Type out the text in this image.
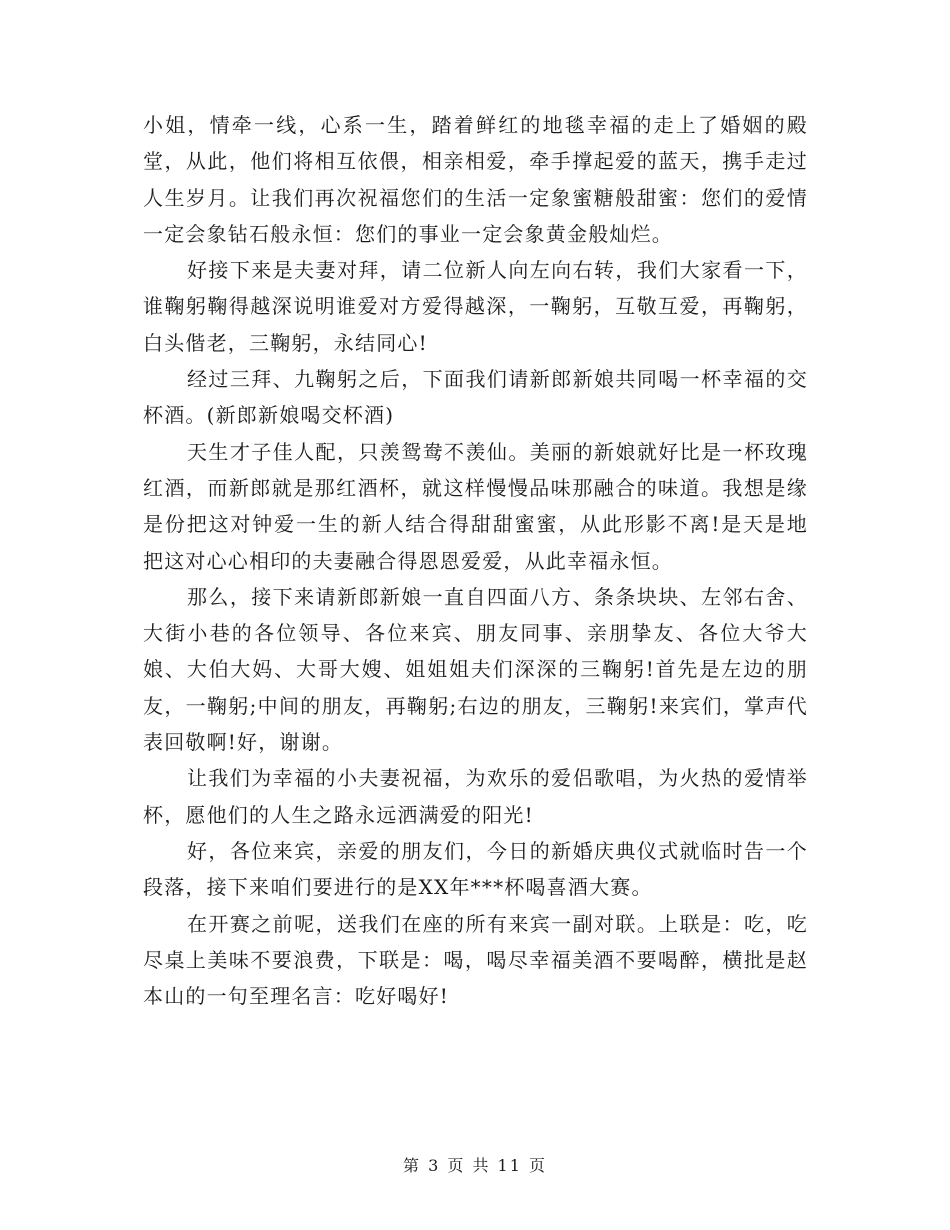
小姐，情牵一线，心系一生，踏着鲜红的地毯幸福的走上了婚姻的殿堂，从此，他们将相互依偎，相亲相爱，牵手撑起爱的蓝天，携手走过人生岁月。让我们再次祝福您们的生活一定象蜜糖般甜蜜：您们的爱情一定会象钻石般永恒：您们的事业一定会象黄金般灿烂。

好接下来是夫妻对拜，请二位新人向左向右转，我们大家看一下，谁鞠躬鞠得越深说明谁爱对方爱得越深，一鞠躬，互敬互爱，再鞠躬，白头偕老，三鞠躬，永结同心!

经过三拜、九鞠躬之后，下面我们请新郎新娘共同喝一杯幸福的交杯酒。(新郎新娘喝交杯酒)

天生才子佳人配，只羡鸳鸯不羡仙。美丽的新娘就好比是一杯玫瑰红酒，而新郎就是那红酒杯，就这样慢慢品味那融合的味道。我想是缘是份把这对钟爱一生的新人结合得甜甜蜜蜜，从此形影不离!是天是地把这对心心相印的夫妻融合得恩恩爱爱，从此幸福永恒。

那么，接下来请新郎新娘一直自四面八方、条条块块、左邻右舍、大街小巷的各位领导、各位来宾、朋友同事、亲朋挚友、各位大爷大娘、大伯大妈、大哥大嫂、姐姐姐夫们深深的三鞠躬!首先是左边的朋友，一鞠躬;中间的朋友，再鞠躬;右边的朋友，三鞠躬!来宾们，掌声代表回敬啊!好，谢谢。

让我们为幸福的小夫妻祝福，为欢乐的爱侣歌唱，为火热的爱情举杯，愿他们的人生之路永远洒满爱的阳光!

好，各位来宾，亲爱的朋友们，今日的新婚庆典仪式就临时告一个段落，接下来咱们要进行的是XX年***杯喝喜酒大赛。

在开赛之前呢，送我们在座的所有来宾一副对联。上联是：吃，吃尽桌上美味不要浪费，下联是：喝，喝尽幸福美酒不要喝醉，横批是赵本山的一句至理名言：吃好喝好!

第 3 页 共 11 页
